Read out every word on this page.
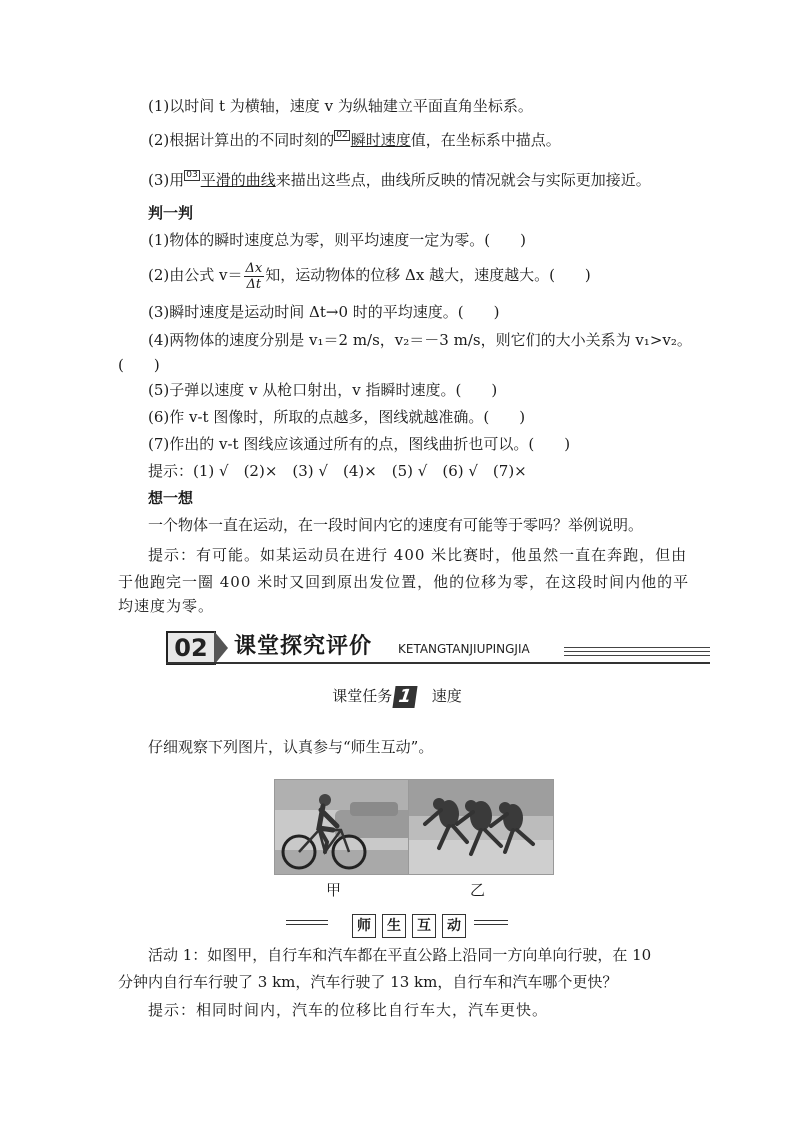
(1)以时间 t 为横轴，速度 v 为纵轴建立平面直角坐标系。
(2)根据计算出的不同时刻的 02 瞬时速度值，在坐标系中描点。
(3)用 03 平滑的曲线来描出这些点，曲线所反映的情况就会与实际更加接近。
判一判
(1)物体的瞬时速度总为零，则平均速度一定为零。(　　)
(2)由公式 $v= \frac{\Delta x}{\Delta t}$ 知，运动物体的位移 Δx 越大，速度越大。(　　)
(3)瞬时速度是运动时间 Δt→0 时的平均速度。(　　)
(4)两物体的速度分别是 v₁＝2 m/s，v₂＝－3 m/s，则它们的大小关系为 v₁>v₂。
(　　)
(5)子弹以速度 v 从枪口射出，v 指瞬时速度。(　　)
(6)作 v-t 图像时，所取的点越多，图线就越准确。(　　)
(7)作出的 v-t 图线应该通过所有的点，图线曲折也可以。(　　)
提示：(1) √　(2)×　(3) √　(4)×　(5) √　(6) √　(7)×
想一想
一个物体一直在运动，在一段时间内它的速度有可能等于零吗？举例说明。
提示：有可能。如某运动员在进行 400 米比赛时，他虽然一直在奔跑，但由
于他跑完一圈 400 米时又回到原出发位置，他的位移为零，在这段时间内他的平
均速度为零。
02	课堂探究评价 KETANGTANJIUPINGJIA
课堂任务 1 速度
仔细观察下列图片，认真参与“师生互动”。
甲	乙
师	生	互	动
活动 1：如图甲，自行车和汽车都在平直公路上沿同一方向单向行驶，在 10
分钟内自行车行驶了 3 km，汽车行驶了 13 km，自行车和汽车哪个更快？
提示：相同时间内，汽车的位移比自行车大，汽车更快。
